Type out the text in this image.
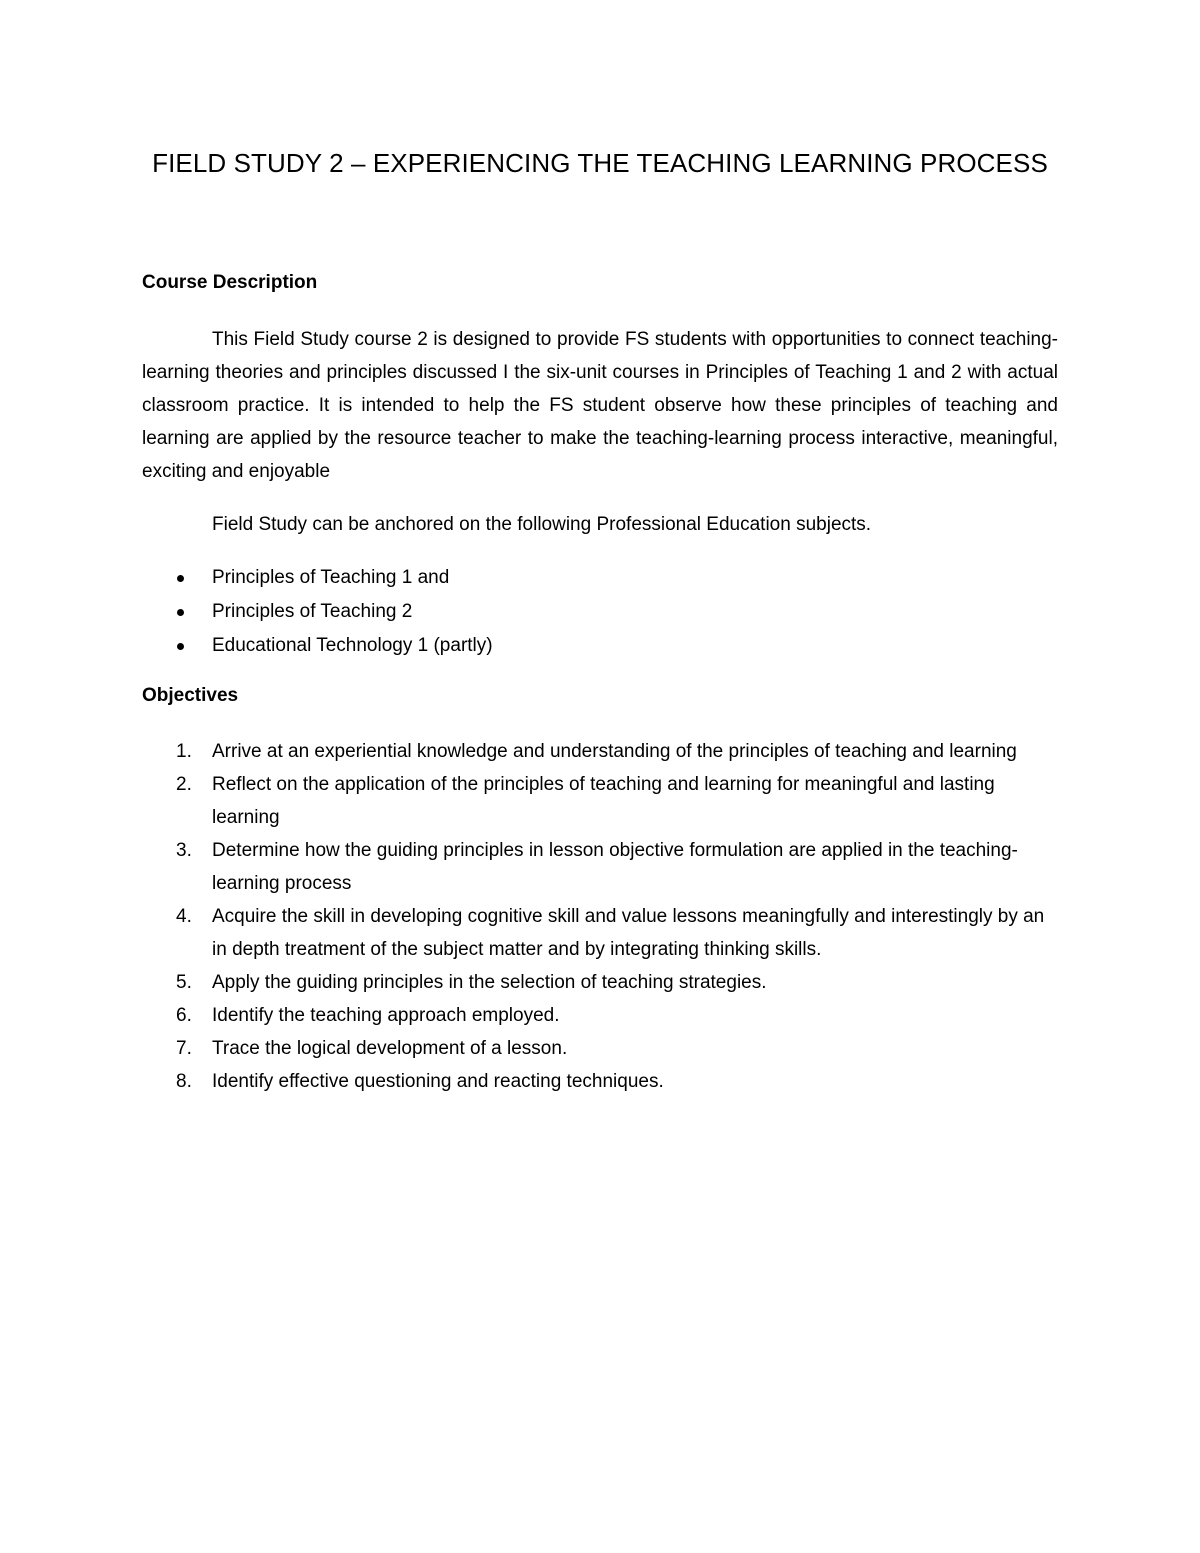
FIELD STUDY 2 – EXPERIENCING THE TEACHING LEARNING PROCESS
Course Description

This Field Study course 2 is designed to provide FS students with opportunities to connect teaching-learning theories and principles discussed I the six-unit courses in Principles of Teaching 1 and 2 with actual classroom practice. It is intended to help the FS student observe how these principles of teaching and learning are applied by the resource teacher to make the teaching-learning process interactive, meaningful, exciting and enjoyable

Field Study can be anchored on the following Professional Education subjects.

Principles of Teaching 1 and
Principles of Teaching 2
Educational Technology 1 (partly)
Objectives
1. Arrive at an experiential knowledge and understanding of the principles of teaching and learning
2. Reflect on the application of the principles of teaching and learning for meaningful and lasting learning
3. Determine how the guiding principles in lesson objective formulation are applied in the teaching-learning process
4. Acquire the skill in developing cognitive skill and value lessons meaningfully and interestingly by an in depth treatment of the subject matter and by integrating thinking skills.
5. Apply the guiding principles in the selection of teaching strategies.
6. Identify the teaching approach employed.
7. Trace the logical development of a lesson.
8. Identify effective questioning and reacting techniques.
